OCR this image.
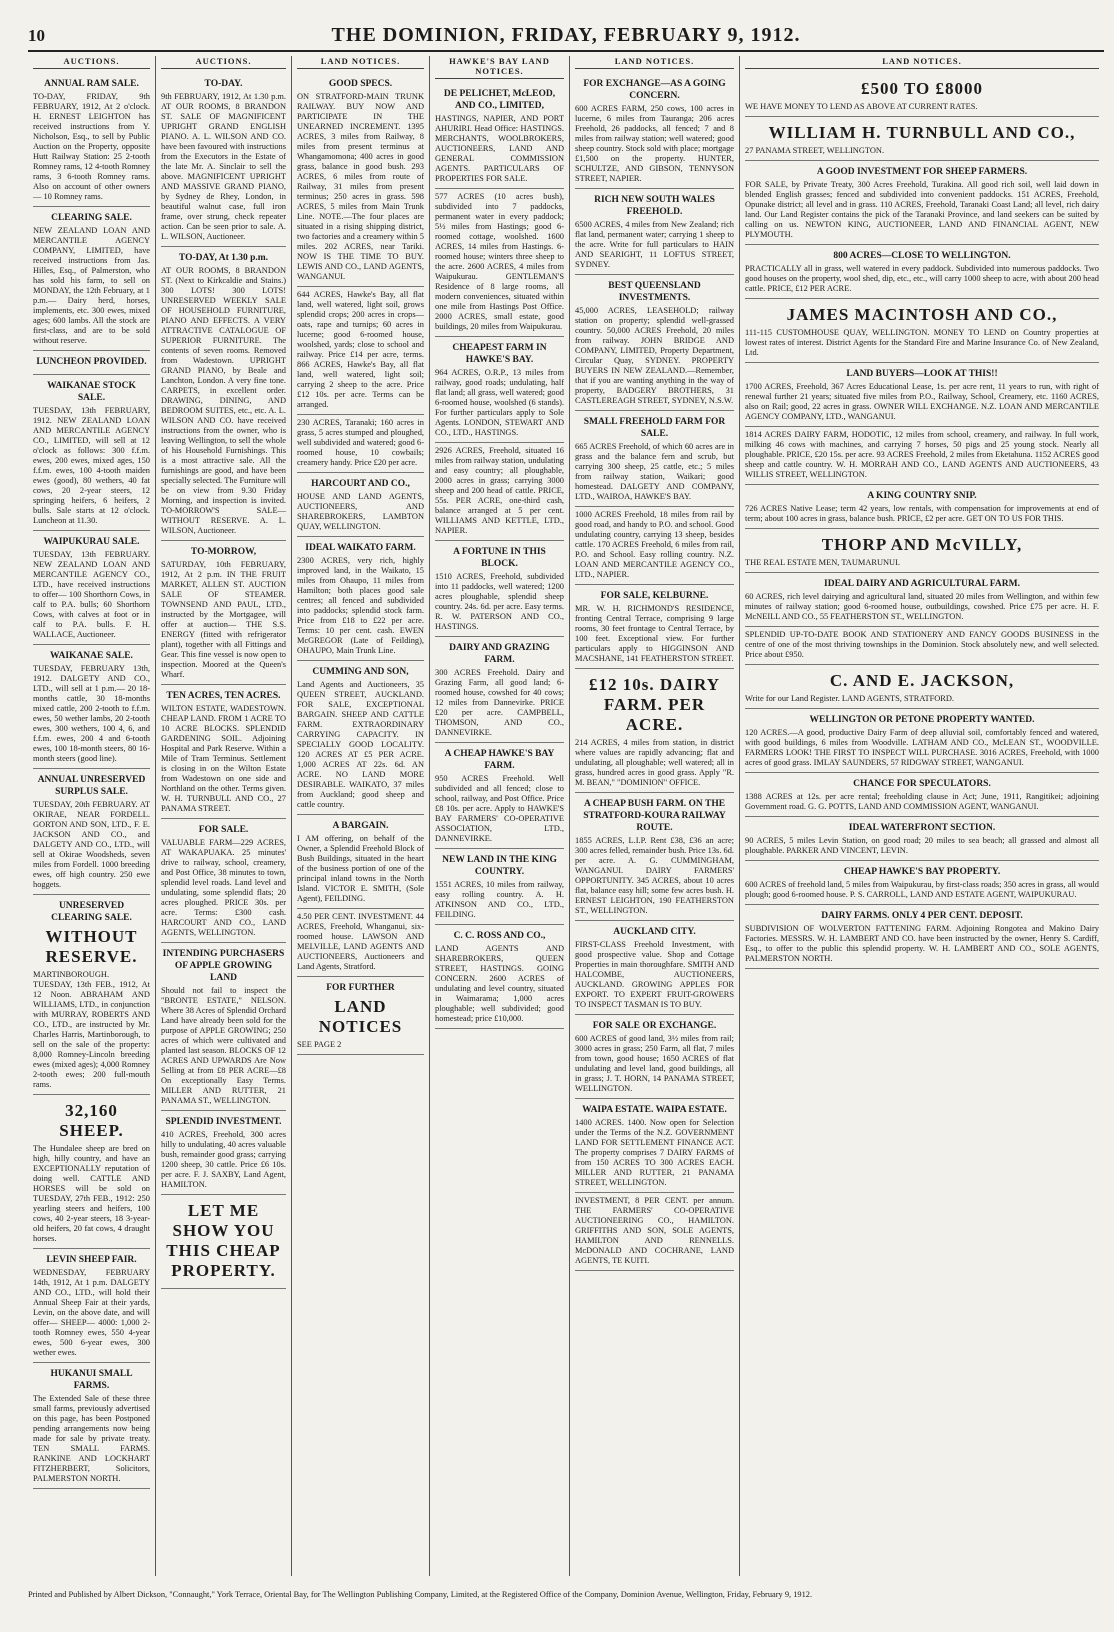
10	THE DOMINION, FRIDAY, FEBRUARY 9, 1912.
AUCTIONS.
ANNUAL RAM SALE.
TO-DAY, FRIDAY, 9th FEBRUARY, 1912, At 2 o'clock. H. ERNEST LEIGHTON has received instructions from Y. Nicholson, Esq., to sell by Public Auction on the Property, opposite Hutt Railway Station: 25 2-tooth Romney rams, 12 4-tooth Romney rams, 3 6-tooth Romney rams. Also on account of other owners— 10 Romney rams.
CLEARING SALE.
NEW ZEALAND LOAN AND MERCANTILE AGENCY COMPANY, LIMITED, have received instructions from Jas. Hilles, Esq., of Palmerston, who has sold his farm, to sell on MONDAY, the 12th February, at 1 p.m.— Dairy herd, horses, implements, etc. 300 ewes, mixed ages; 600 lambs. All the stock are first-class, and are to be sold without reserve.
LUNCHEON PROVIDED.
WAIKANAE STOCK SALE.
TUESDAY, 13th FEBRUARY, 1912. NEW ZEALAND LOAN AND MERCANTILE AGENCY CO., LIMITED, will sell at 12 o'clock as follows: 300 f.f.m. ewes, 200 ewes, mixed ages, 150 f.f.m. ewes, 100 4-tooth maiden ewes (good), 80 wethers, 40 fat cows, 20 2-year steers, 12 springing heifers, 6 heifers, 2 bulls. Sale starts at 12 o'clock. Luncheon at 11.30.
WAIPUKURAU SALE.
TUESDAY, 13th FEBRUARY. NEW ZEALAND LOAN AND MERCANTILE AGENCY CO., LTD., have received instructions to offer— 100 Shorthorn Cows, in calf to P.A. bulls; 60 Shorthorn Cows, with calves at foot or in calf to P.A. bulls. F. H. WALLACE, Auctioneer.
WAIKANAE SALE.
TUESDAY, FEBRUARY 13th, 1912. DALGETY AND CO., LTD., will sell at 1 p.m.— 20 18-months cattle, 30 18-months mixed cattle, 200 2-tooth to f.f.m. ewes, 50 wether lambs, 20 2-tooth ewes, 300 wethers, 100 4, 6, and f.f.m. ewes, 200 4 and 6-tooth ewes, 100 18-month steers, 80 16-month steers (good line).
ANNUAL UNRESERVED SURPLUS SALE.
TUESDAY, 20th FEBRUARY. AT OKIRAE, NEAR FORDELL. GORTON AND SON, LTD., F. E. JACKSON AND CO., and DALGETY AND CO., LTD., will sell at Okirae Woodsheds, seven miles from Fordell. 1000 breeding ewes, off high country. 250 ewe hoggets.
UNRESERVED CLEARING SALE.
WITHOUT RESERVE.
MARTINBOROUGH. TUESDAY, 13th FEB., 1912, At 12 Noon. ABRAHAM AND WILLIAMS, LTD., in conjunction with MURRAY, ROBERTS AND CO., LTD., are instructed by Mr. Charles Harris, Martinborough, to sell on the sale of the property: 8,000 Romney-Lincoln breeding ewes (mixed ages); 4,000 Romney 2-tooth ewes; 200 full-mouth rams.
32,160 SHEEP.
The Hundalee sheep are bred on high, hilly country, and have an EXCEPTIONALLY reputation of doing well. CATTLE AND HORSES will be sold on TUESDAY, 27th FEB., 1912: 250 yearling steers and heifers, 100 cows, 40 2-year steers, 18 3-year-old heifers, 20 fat cows, 4 draught horses.
LEVIN SHEEP FAIR.
WEDNESDAY, FEBRUARY 14th, 1912, At 1 p.m. DALGETY AND CO., LTD., will hold their Annual Sheep Fair at their yards, Levin, on the above date, and will offer— SHEEP— 4000: 1,000 2-tooth Romney ewes, 550 4-year ewes, 500 6-year ewes, 300 wether ewes.
HUKANUI SMALL FARMS.
The Extended Sale of these three small farms, previously advertised on this page, has been Postponed pending arrangements now being made for sale by private treaty. TEN SMALL FARMS. RANKINE AND LOCKHART FITZHERBERT, Solicitors, PALMERSTON NORTH.
AUCTIONS.
TO-DAY.
9th FEBRUARY, 1912, At 1.30 p.m. AT OUR ROOMS, 8 BRANDON ST. SALE OF MAGNIFICENT UPRIGHT GRAND ENGLISH PIANO. A. L. WILSON AND CO. have been favoured with instructions from the Executors in the Estate of the late Mr. A. Sinclair to sell the above. MAGNIFICENT UPRIGHT AND MASSIVE GRAND PIANO, by Sydney de Rhey, London, in beautiful walnut case, full iron frame, over strung, check repeater action. Can be seen prior to sale. A. L. WILSON, Auctioneer.
TO-DAY, At 1.30 p.m.
AT OUR ROOMS, 8 BRANDON ST. (Next to Kirkcaldie and Stains.) 300 LOTS! 300 LOTS! UNRESERVED WEEKLY SALE OF HOUSEHOLD FURNITURE, PIANO AND EFFECTS. A VERY ATTRACTIVE CATALOGUE OF SUPERIOR FURNITURE. The contents of seven rooms. Removed from Wadestown. UPRIGHT GRAND PIANO, by Beale and Lanchton, London. A very fine tone. CARPETS, in excellent order. DRAWING, DINING, AND BEDROOM SUITES, etc., etc. A. L. WILSON AND CO. have received instructions from the owner, who is leaving Wellington, to sell the whole of his Household Furnishings. This is a most attractive sale. All the furnishings are good, and have been specially selected. The Furniture will be on view from 9.30 Friday Morning, and inspection is invited. TO-MORROW'S SALE—WITHOUT RESERVE. A. L. WILSON, Auctioneer.
TO-MORROW,
SATURDAY, 10th FEBRUARY, 1912, At 2 p.m. IN THE FRUIT MARKET, ALLEN ST. AUCTION SALE OF STEAMER. TOWNSEND AND PAUL, LTD., instructed by the Mortgagee, will offer at auction— THE S.S. ENERGY (fitted with refrigerator plant), together with all Fittings and Gear. This fine vessel is now open to inspection. Moored at the Queen's Wharf.
TEN ACRES, TEN ACRES.
WILTON ESTATE, WADESTOWN. CHEAP LAND. FROM 1 ACRE TO 10 ACRE BLOCKS. SPLENDID GARDENING SOIL. Adjoining Hospital and Park Reserve. Within a Mile of Tram Terminus. Settlement is closing in on the Wilton Estate from Wadestown on one side and Northland on the other. Terms given. W. H. TURNBULL AND CO., 27 PANAMA STREET.
FOR SALE.
VALUABLE FARM—229 ACRES, AT WAKAPUAKA. 25 minutes' drive to railway, school, creamery, and Post Office, 38 minutes to town, splendid level roads. Land level and undulating, some splendid flats; 20 acres ploughed. PRICE 30s. per acre. Terms: £300 cash. HARCOURT AND CO., LAND AGENTS, WELLINGTON.
INTENDING PURCHASERS OF APPLE GROWING LAND
Should not fail to inspect the "BRONTE ESTATE," NELSON. Where 38 Acres of Splendid Orchard Land have already been sold for the purpose of APPLE GROWING; 250 acres of which were cultivated and planted last season. BLOCKS OF 12 ACRES AND UPWARDS Are Now Selling at from £8 PER ACRE—£8 On exceptionally Easy Terms. MILLER AND RUTTER, 21 PANAMA ST., WELLINGTON.
SPLENDID INVESTMENT.
410 ACRES, Freehold, 300 acres hilly to undulating, 40 acres valuable bush, remainder good grass; carrying 1200 sheep, 30 cattle. Price £6 10s. per acre. F. J. SAXBY, Land Agent, HAMILTON.
LET ME SHOW YOU THIS CHEAP PROPERTY.
LAND NOTICES.
GOOD SPECS.
ON STRATFORD-MAIN TRUNK RAILWAY. BUY NOW AND PARTICIPATE IN THE UNEARNED INCREMENT. 1395 ACRES, 3 miles from Railway, 8 miles from present terminus at Whangamomona; 400 acres in good grass, balance in good bush. 293 ACRES, 6 miles from route of Railway, 31 miles from present terminus; 250 acres in grass. 598 ACRES, 5 miles from Main Trunk Line. NOTE.—The four places are situated in a rising shipping district, two factories and a creamery within 5 miles. 202 ACRES, near Tariki. NOW IS THE TIME TO BUY. LEWIS AND CO., LAND AGENTS, WANGANUI.
644 ACRES, Hawke's Bay, all flat land, well watered, light soil, grows splendid crops; 200 acres in crops—oats, rape and turnips; 60 acres in lucerne; good 6-roomed house, woolshed, yards; close to school and railway. Price £14 per acre, terms. 866 ACRES, Hawke's Bay, all flat land, well watered, light soil; carrying 2 sheep to the acre. Price £12 10s. per acre. Terms can be arranged.
230 ACRES, Taranaki; 160 acres in grass, 5 acres stumped and ploughed, well subdivided and watered; good 6-roomed house, 10 cowbails; creamery handy. Price £20 per acre.
HARCOURT AND CO.,
HOUSE AND LAND AGENTS, AUCTIONEERS, AND SHAREBROKERS, LAMBTON QUAY, WELLINGTON.
IDEAL WAIKATO FARM.
2300 ACRES, very rich, highly improved land, in the Waikato, 15 miles from Ohaupo, 11 miles from Hamilton; both places good sale centres; all fenced and subdivided into paddocks; splendid stock farm. Price from £18 to £22 per acre. Terms: 10 per cent. cash. EWEN McGREGOR (Late of Feilding), OHAUPO, Main Trunk Line.
CUMMING AND SON,
Land Agents and Auctioneers, 35 QUEEN STREET, AUCKLAND. FOR SALE, EXCEPTIONAL BARGAIN. SHEEP AND CATTLE FARM. EXTRAORDINARY CARRYING CAPACITY. IN SPECIALLY GOOD LOCALITY. 120 ACRES AT £5 PER ACRE. 1,000 ACRES AT 22s. 6d. AN ACRE. NO LAND MORE DESIRABLE. WAIKATO, 37 miles from Auckland; good sheep and cattle country.
A BARGAIN.
I AM offering, on behalf of the Owner, a Splendid Freehold Block of Bush Buildings, situated in the heart of the business portion of one of the principal inland towns in the North Island. VICTOR E. SMITH, (Sole Agent), FEILDING.
4.50 PER CENT. INVESTMENT. 44 ACRES, Freehold, Whanganui, six-roomed house. LAWSON AND MELVILLE, LAND AGENTS AND AUCTIONEERS, Auctioneers and Land Agents, Stratford.
FOR FURTHER
LAND NOTICES
SEE PAGE 2
HAWKE'S BAY LAND NOTICES.
DE PELICHET, McLEOD, AND CO., LIMITED,
HASTINGS, NAPIER, AND PORT AHURIRI. Head Office: HASTINGS. MERCHANTS, WOOLBROKERS, AUCTIONEERS, LAND AND GENERAL COMMISSION AGENTS. PARTICULARS OF PROPERTIES FOR SALE.
577 ACRES (10 acres bush), subdivided into 7 paddocks, permanent water in every paddock; 5½ miles from Hastings; good 6-roomed cottage, woolshed. 1600 ACRES, 14 miles from Hastings. 6-roomed house; winters three sheep to the acre. 2600 ACRES, 4 miles from Waipukurau. GENTLEMAN'S Residence of 8 large rooms, all modern conveniences, situated within one mile from Hastings Post Office. 2000 ACRES, small estate, good buildings, 20 miles from Waipukurau.
CHEAPEST FARM IN HAWKE'S BAY.
964 ACRES, O.R.P., 13 miles from railway, good roads; undulating, half flat land; all grass, well watered; good 6-roomed house, woolshed (6 stands). For further particulars apply to Sole Agents. LONDON, STEWART AND CO., LTD., HASTINGS.
2926 ACRES, Freehold, situated 16 miles from railway station, undulating and easy country; all ploughable, 2000 acres in grass; carrying 3000 sheep and 200 head of cattle. PRICE, 55s. PER ACRE, one-third cash, balance arranged at 5 per cent. WILLIAMS AND KETTLE, LTD., NAPIER.
A FORTUNE IN THIS BLOCK.
1510 ACRES, Freehold, subdivided into 11 paddocks, well watered; 1200 acres ploughable, splendid sheep country. 24s. 6d. per acre. Easy terms. R. W. PATERSON AND CO., HASTINGS.
DAIRY AND GRAZING FARM.
300 ACRES Freehold. Dairy and Grazing Farm, all good land; 6-roomed house, cowshed for 40 cows; 12 miles from Dannevirke. PRICE £20 per acre. CAMPBELL, THOMSON, AND CO., DANNEVIRKE.
A CHEAP HAWKE'S BAY FARM.
950 ACRES Freehold. Well subdivided and all fenced; close to school, railway, and Post Office. Price £8 10s. per acre. Apply to HAWKE'S BAY FARMERS' CO-OPERATIVE ASSOCIATION, LTD., DANNEVIRKE.
NEW LAND IN THE KING COUNTRY.
1551 ACRES, 10 miles from railway, easy rolling country. A. H. ATKINSON AND CO., LTD., FEILDING.
C. C. ROSS AND CO.,
LAND AGENTS AND SHAREBROKERS, QUEEN STREET, HASTINGS. GOING CONCERN. 2600 ACRES of undulating and level country, situated in Waimarama; 1,000 acres ploughable; well subdivided; good homestead; price £10,000.
LAND NOTICES.
FOR EXCHANGE—AS A GOING CONCERN.
600 ACRES FARM, 250 cows, 100 acres in lucerne, 6 miles from Tauranga; 206 acres Freehold, 26 paddocks, all fenced; 7 and 8 miles from railway station; well watered; good sheep country. Stock sold with place; mortgage £1,500 on the property. HUNTER, SCHULTZE, AND GIBSON, TENNYSON STREET, NAPIER.
RICH NEW SOUTH WALES FREEHOLD.
6500 ACRES, 4 miles from New Zealand; rich flat land, permanent water; carrying 1 sheep to the acre. Write for full particulars to HAIN AND SEARIGHT, 11 LOFTUS STREET, SYDNEY.
BEST QUEENSLAND INVESTMENTS.
45,000 ACRES, LEASEHOLD; railway station on property; splendid well-grassed country. 50,000 ACRES Freehold, 20 miles from railway. JOHN BRIDGE AND COMPANY, LIMITED, Property Department, Circular Quay, SYDNEY. PROPERTY BUYERS IN NEW ZEALAND.—Remember, that if you are wanting anything in the way of property, BADGERY BROTHERS, 31 CASTLEREAGH STREET, SYDNEY, N.S.W.
SMALL FREEHOLD FARM FOR SALE.
665 ACRES Freehold, of which 60 acres are in grass and the balance fern and scrub, but carrying 300 sheep, 25 cattle, etc.; 5 miles from railway station, Waikari; good homestead. DALGETY AND COMPANY, LTD., WAIROA, HAWKE'S BAY.
1000 ACRES Freehold, 18 miles from rail by good road, and handy to P.O. and school. Good undulating country, carrying 13 sheep, besides cattle. 170 ACRES Freehold, 6 miles from rail, P.O. and School. Easy rolling country. N.Z. LOAN AND MERCANTILE AGENCY CO., LTD., NAPIER.
FOR SALE, KELBURNE.
MR. W. H. RICHMOND'S RESIDENCE, fronting Central Terrace, comprising 9 large rooms, 30 feet frontage to Central Terrace, by 100 feet. Exceptional view. For further particulars apply to HIGGINSON AND MACSHANE, 141 FEATHERSTON STREET.
£12 10s. DAIRY FARM. PER ACRE.
214 ACRES, 4 miles from station, in district where values are rapidly advancing; flat and undulating, all ploughable; well watered; all in grass, hundred acres in good grass. Apply "R. M. BEAN," "DOMINION" OFFICE.
A CHEAP BUSH FARM. ON THE STRATFORD-KOURA RAILWAY ROUTE.
1855 ACRES, L.I.P. Rent £38, £36 an acre; 300 acres felled, remainder bush. Price 13s. 6d. per acre. A. G. CUMMINGHAM, WANGANUI. DAIRY FARMERS' OPPORTUNITY. 345 ACRES, about 10 acres flat, balance easy hill; some few acres bush. H. ERNEST LEIGHTON, 190 FEATHERSTON ST., WELLINGTON.
AUCKLAND CITY.
FIRST-CLASS Freehold Investment, with good prospective value. Shop and Cottage Properties in main thoroughfare. SMITH AND HALCOMBE, AUCTIONEERS, AUCKLAND. GROWING APPLES FOR EXPORT. TO EXPERT FRUIT-GROWERS TO INSPECT TASMAN IS TO BUY.
FOR SALE OR EXCHANGE.
600 ACRES of good land, 3½ miles from rail; 3000 acres in grass; 250 Farm, all flat, 7 miles from town, good house; 1650 ACRES of flat undulating and level land, good buildings, all in grass; J. T. HORN, 14 PANAMA STREET, WELLINGTON.
WAIPA ESTATE. WAIPA ESTATE.
1400 ACRES. 1400. Now open for Selection under the Terms of the N.Z. GOVERNMENT LAND FOR SETTLEMENT FINANCE ACT. The property comprises 7 DAIRY FARMS of from 150 ACRES TO 300 ACRES EACH. MILLER AND RUTTER, 21 PANAMA STREET, WELLINGTON.
INVESTMENT, 8 PER CENT. per annum. THE FARMERS' CO-OPERATIVE AUCTIONEERING CO., HAMILTON. GRIFFITHS AND SON, SOLE AGENTS, HAMILTON AND RENNELLS. McDONALD AND COCHRANE, LAND AGENTS, TE KUITI.
LAND NOTICES.
£500 TO £8000
WE HAVE MONEY TO LEND AS ABOVE AT CURRENT RATES.
WILLIAM H. TURNBULL AND CO.,
27 PANAMA STREET, WELLINGTON.
A GOOD INVESTMENT FOR SHEEP FARMERS.
FOR SALE, by Private Treaty, 300 Acres Freehold, Turakina. All good rich soil, well laid down in blended English grasses; fenced and subdivided into convenient paddocks. 151 ACRES, Freehold, Opunake district; all level and in grass. 110 ACRES, Freehold, Taranaki Coast Land; all level, rich dairy land. Our Land Register contains the pick of the Taranaki Province, and land seekers can be suited by calling on us. NEWTON KING, AUCTIONEER, LAND AND FINANCIAL AGENT, NEW PLYMOUTH.
800 ACRES—CLOSE TO WELLINGTON.
PRACTICALLY all in grass, well watered in every paddock. Subdivided into numerous paddocks. Two good houses on the property, wool shed, dip, etc., etc., will carry 1000 sheep to acre, with about 200 head cattle. PRICE, £12 PER ACRE.
JAMES MACINTOSH AND CO.,
111-115 CUSTOMHOUSE QUAY, WELLINGTON. MONEY TO LEND on Country properties at lowest rates of interest. District Agents for the Standard Fire and Marine Insurance Co. of New Zealand, Ltd.
LAND BUYERS—LOOK AT THIS!!
1700 ACRES, Freehold, 367 Acres Educational Lease, 1s. per acre rent, 11 years to run, with right of renewal further 21 years; situated five miles from P.O., Railway, School, Creamery, etc. 1160 ACRES, also on Rail; good, 22 acres in grass. OWNER WILL EXCHANGE. N.Z. LOAN AND MERCANTILE AGENCY COMPANY, LTD., WANGANUI.
1814 ACRES DAIRY FARM, HODOTIC, 12 miles from school, creamery, and railway. In full work, milking 46 cows with machines, and carrying 7 horses, 50 pigs and 25 young stock. Nearly all ploughable. PRICE, £20 15s. per acre. 93 ACRES Freehold, 2 miles from Eketahuna. 1152 ACRES good sheep and cattle country. W. H. MORRAH AND CO., LAND AGENTS AND AUCTIONEERS, 43 WILLIS STREET, WELLINGTON.
A KING COUNTRY SNIP.
726 ACRES Native Lease; term 42 years, low rentals, with compensation for improvements at end of term; about 100 acres in grass, balance bush. PRICE, £2 per acre. GET ON TO US FOR THIS.
THORP AND McVILLY,
THE REAL ESTATE MEN, TAUMARUNUI.
IDEAL DAIRY AND AGRICULTURAL FARM.
60 ACRES, rich level dairying and agricultural land, situated 20 miles from Wellington, and within few minutes of railway station; good 6-roomed house, outbuildings, cowshed. Price £75 per acre. H. F. McNEILL AND CO., 55 FEATHERSTON ST., WELLINGTON.
SPLENDID UP-TO-DATE BOOK AND STATIONERY AND FANCY GOODS BUSINESS in the centre of one of the most thriving townships in the Dominion. Stock absolutely new, and well selected. Price about £950.
C. AND E. JACKSON,
Write for our Land Register. LAND AGENTS, STRATFORD.
WELLINGTON OR PETONE PROPERTY WANTED.
120 ACRES.—A good, productive Dairy Farm of deep alluvial soil, comfortably fenced and watered, with good buildings, 6 miles from Woodville. LATHAM AND CO., McLEAN ST., WOODVILLE. FARMERS LOOK! THE FIRST TO INSPECT WILL PURCHASE. 3016 ACRES, Freehold, with 1000 acres of good grass. IMLAY SAUNDERS, 57 RIDGWAY STREET, WANGANUI.
CHANCE FOR SPECULATORS.
1388 ACRES at 12s. per acre rental; freeholding clause in Act; June, 1911, Rangitikei; adjoining Government road. G. G. POTTS, LAND AND COMMISSION AGENT, WANGANUI.
IDEAL WATERFRONT SECTION.
90 ACRES, 5 miles Levin Station, on good road; 20 miles to sea beach; all grassed and almost all ploughable. PARKER AND VINCENT, LEVIN.
CHEAP HAWKE'S BAY PROPERTY.
600 ACRES of freehold land, 5 miles from Waipukurau, by first-class roads; 350 acres in grass, all would plough; good 6-roomed house. P. S. CARROLL, LAND AND ESTATE AGENT, WAIPUKURAU.
DAIRY FARMS. ONLY 4 PER CENT. DEPOSIT.
SUBDIVISION OF WOLVERTON FATTENING FARM. Adjoining Rongotea and Makino Dairy Factories. MESSRS. W. H. LAMBERT AND CO. have been instructed by the owner, Henry S. Cardiff, Esq., to offer to the public this splendid property. W. H. LAMBERT AND CO., SOLE AGENTS, PALMERSTON NORTH.
Printed and Published by Albert Dickson, "Connaught," York Terrace, Oriental Bay, for The Wellington Publishing Company, Limited, at the Registered Office of the Company, Dominion Avenue, Wellington, Friday, February 9, 1912.
